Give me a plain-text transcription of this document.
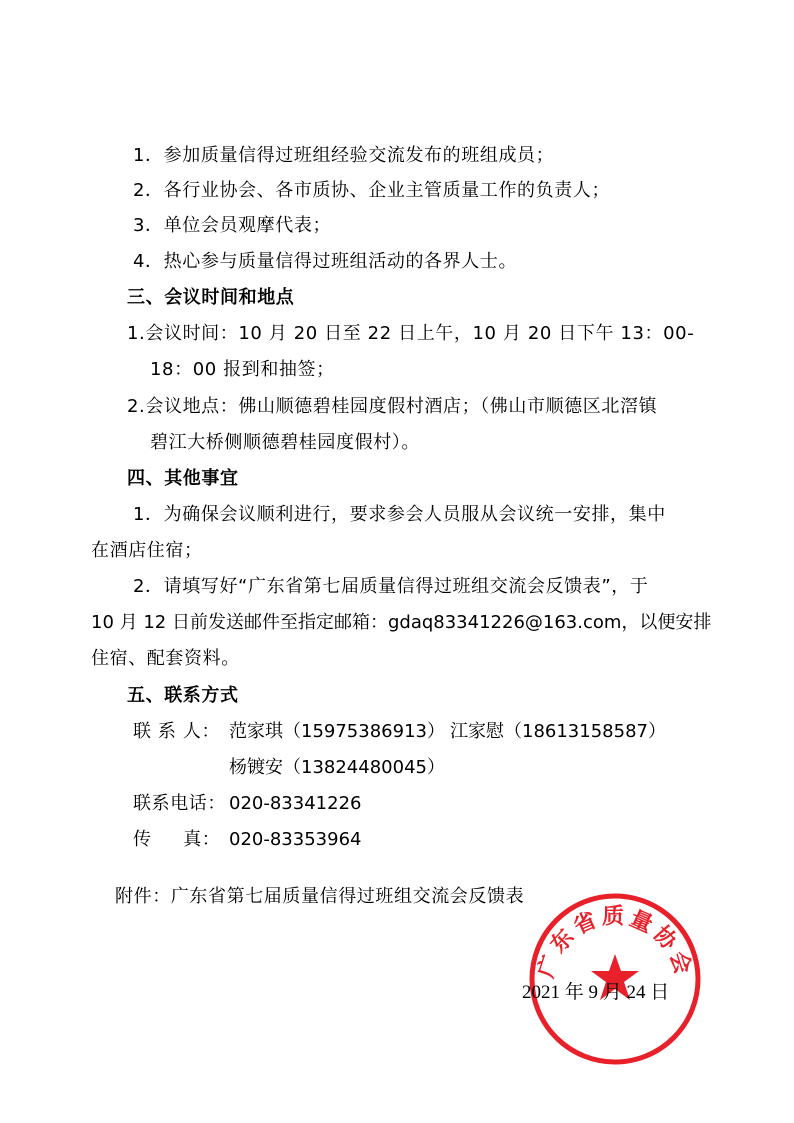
1．参加质量信得过班组经验交流发布的班组成员；
2．各行业协会、各市质协、企业主管质量工作的负责人；
3．单位会员观摩代表；
4．热心参与质量信得过班组活动的各界人士。
三、会议时间和地点
1.会议时间：10 月 20 日至 22 日上午，10 月 20 日下午 13：00-
18：00 报到和抽签；
2.会议地点：佛山顺德碧桂园度假村酒店；（佛山市顺德区北滘镇
碧江大桥侧顺德碧桂园度假村）。
四、其他事宜
1．为确保会议顺利进行，要求参会人员服从会议统一安排，集中
在酒店住宿；
2．请填写好“广东省第七届质量信得过班组交流会反馈表”，于
10 月 12 日前发送邮件至指定邮箱：gdaq83341226@163.com，以便安排
住宿、配套资料。
五、联系方式
联 系 人： 范家琪（15975386913） 江家慰（18613158587）
杨镀安（13824480045）
联系电话： 020-83341226
传     真： 020-83353964
附件：广东省第七届质量信得过班组交流会反馈表
广东省质量协会
2021 年 9 月 24 日
